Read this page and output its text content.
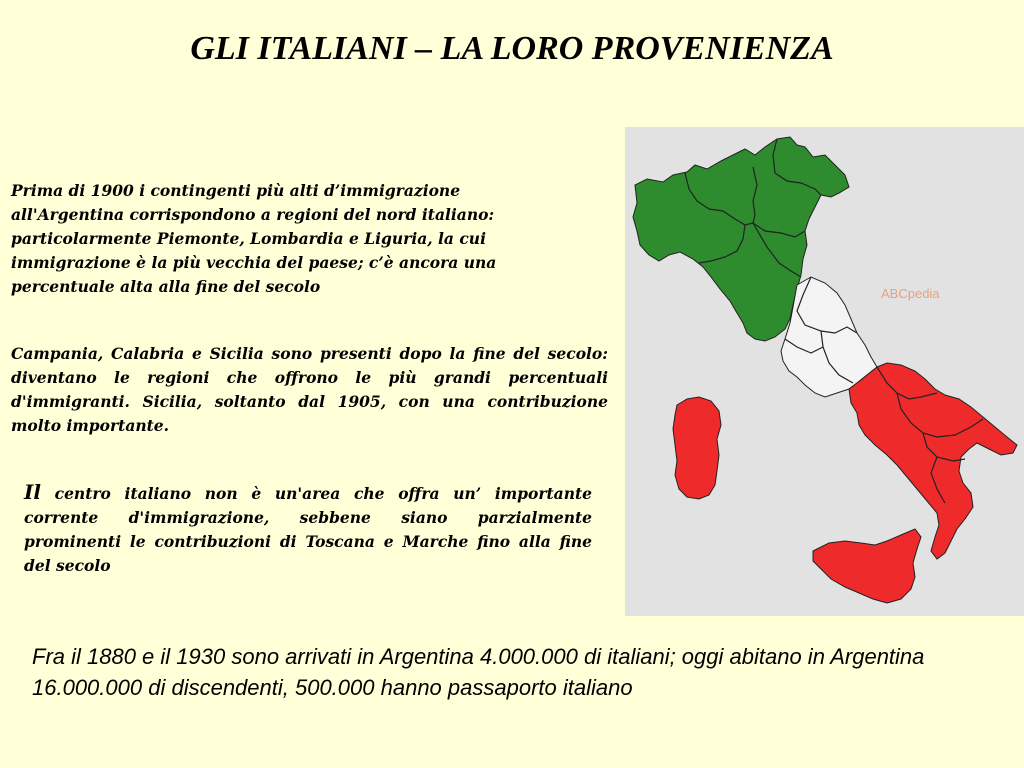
GLI ITALIANI – LA LORO PROVENIENZA

Prima di 1900 i contingenti più alti d’immigrazione
all'Argentina corrispondono a regioni del nord italiano:
particolarmente Piemonte, Lombardia e Liguria, la cui
immigrazione è la più vecchia del paese; c’è ancora una
percentuale alta alla fine del secolo

Campania, Calabria e Sicilia sono presenti dopo la fine del secolo: diventano le regioni che offrono le più grandi percentuali d'immigranti. Sicilia, soltanto dal 1905, con una contribuzione molto importante.

Il centro italiano non è un'area che offra un’ importante corrente d'immigrazione, sebbene siano parzialmente prominenti le contribuzioni di Toscana e Marche fino alla fine del secolo

ABCpedia

Fra il 1880 e il 1930 sono arrivati in Argentina 4.000.000 di italiani; oggi abitano in Argentina 16.000.000 di discendenti, 500.000 hanno passaporto italiano
